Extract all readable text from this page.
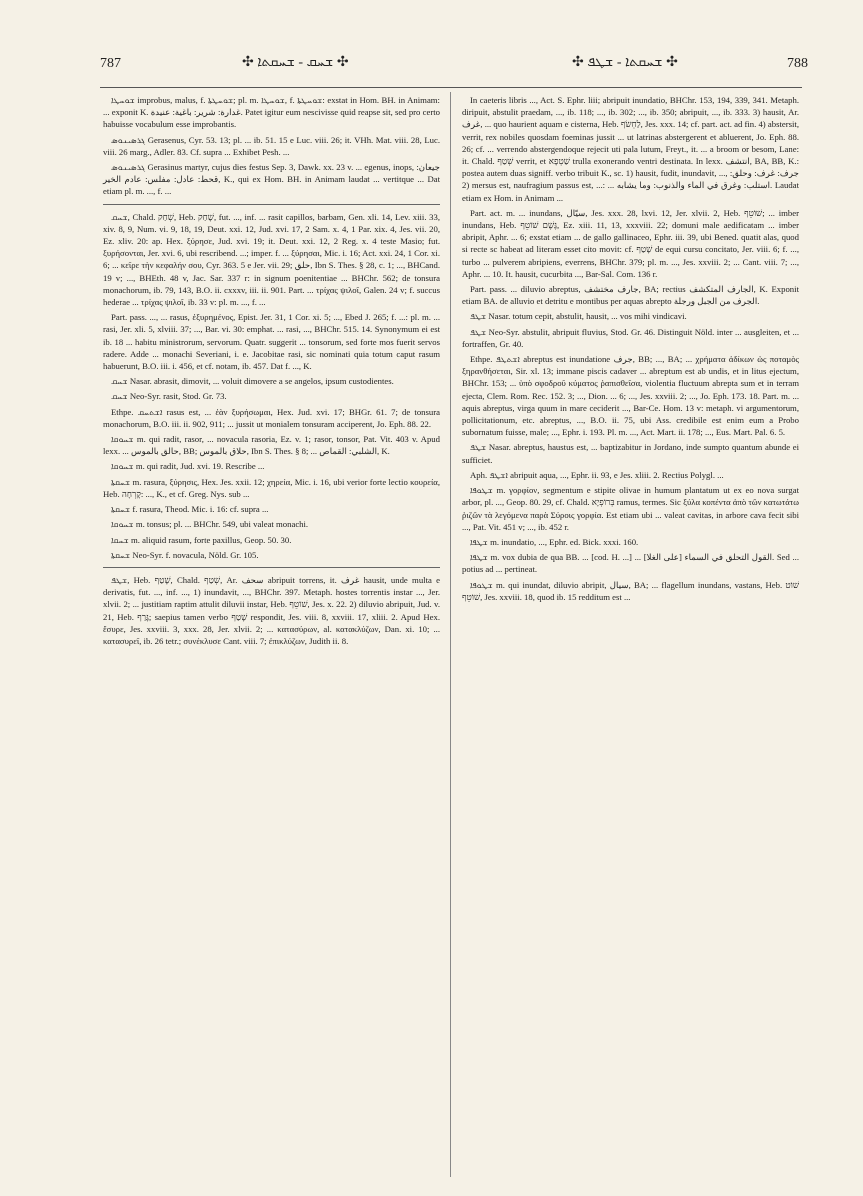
787	✣ ܫܚܩ - ܫܚܩܬܐ ✣	✣ ܫܚܩܬܐ - ܫܛܦ ✣	788

ܫܘܚܛܐ improbus, malus, f. ܫܘܚܛܬܐ; pl. m. ܫܘܚܛܐ, f. ܫܘܚܛܬܐ: exstat in Hom. BH. in Animam: ... exponit K. غدارة: شرير: باغية: عنيدة. Patet igitur eum nescivisse quid reapse sit, sed pro certo habuisse vocabulum esse improbantis.

ܓܪܣܝܢܘܣ Gerasenus, Cyr. 53. 13; pl. ... ib. 51. 15 e Luc. viii. 26; it. VHh. Mat. viii. 28, Luc. viii. 26 marg., Adler. 83. Cf. supra ... Exhibet Pesh. ...

ܓܪܣܝܢܘܣ Gerasinus martyr, cujus dies festus Sep. 3, Dawk. xx. 23 v. ... egenus, inops, جيعان: قحط: عادل: مفلس: عادم الخير, K., qui ex Hom. BH. in Animam laudat ... vertitque ... Dat etiam pl. m. ..., f. ...

ܫܚܩ, Chald. שְׁחַק, Heb. שָׁחַק, fut. ..., inf. ... rasit capillos, barbam, Gen. xli. 14, Lev. xiii. 33, xiv. 8, 9, Num. vi. 9, 18, 19, Deut. xxi. 12, Jud. xvi. 17, 2 Sam. x. 4, 1 Par. xix. 4, Jes. vii. 20, Ez. xliv. 20: ap. Hex. ξύρησε, Jud. xvi. 19; it. Deut. xxi. 12, 2 Reg. x. 4 teste Masio; fut. ξυρήσονται, Jer. xvi. 6, ubi rescribend. ...; imper. f. ... ξύρησαι, Mic. i. 16; Act. xxi. 24, 1 Cor. xi. 6; ... κεῖρε τὴν κεφαλήν σου, Cyr. 363. 5 e Jer. vii. 29; حلق, Ibn S. Thes. § 28, c. 1; ..., BHCand. 19 v; ..., BHEth. 48 v, Jac. Sar. 337 r: in signum poenitentiae ... BHChr. 562; de tonsura monachorum, ib. 79, 143, B.O. ii. cxxxv, iii. ii. 901. Part. ... τρίχας ψιλοῖ, Galen. 24 v; f. succus hederae ... τρίχας ψιλοῖ, ib. 33 v: pl. m. ..., f. ...

Part. pass. ..., ... rasus, ἐξυρημένος, Epist. Jer. 31, 1 Cor. xi. 5; ..., Ebed J. 265; f. ...: pl. m. ... rasi, Jer. xli. 5, xlviii. 37; ..., Bar. vi. 30: emphat. ... rasi, ..., BHChr. 515. 14. Synonymum ei est ib. 18 ... habitu ministrorum, servorum. Quatr. suggerit ... tonsorum, sed forte mos fuerit servos radere. Adde ... monachi Severiani, i. e. Jacobitae rasi, sic nominati quia totum caput rasum habuerunt, B.O. iii. i. 456, et cf. notam, ib. 457. Dat f. ..., K.

ܫܚܩ Nasar. abrasit, dimovit, ... voluit dimovere a se angelos, ipsum custodientes.

ܫܚܩ Neo-Syr. rasit, Stod. Gr. 73.

Ethpe. ܐܫܬܚܩ rasus est, ... ἐὰν ξυρήσωμαι, Hex. Jud. xvi. 17; BHGr. 61. 7; de tonsura monachorum, B.O. iii. ii. 902, 911; ... jussit ut monialem tonsuram acciperent, Jo. Eph. 88. 22.

ܫܚܘܩܐ m. qui radit, rasor, ... novacula rasoria, Ez. v. 1; rasor, tonsor, Pat. Vit. 403 v. Apud lexx. ... حالق بالموس, BB; حلاق بالموس, Ibn S. Thes. § 8; ... الشلبي: القماص, K.

ܫܚܘܩܐ m. qui radit, Jud. xvi. 19. Rescribe ...

ܫܚܩܬܐ m. rasura, ξύρησις, Hex. Jes. xxii. 12; χηρεία, Mic. i. 16, ubi verior forte lectio κουρεία, Heb. קָרְחָה: ..., K., et cf. Greg. Nys. sub ...

ܫܚܩܬܐ f. rasura, Theod. Mic. i. 16: cf. supra ...

ܫܚܘܩܐ m. tonsus; pl. ... BHChr. 549, ubi valeat monachi.

ܫܚܩܐ m. aliquid rasum, forte paxillus, Geop. 50. 30.

ܫܚܩܬܐ Neo-Syr. f. novacula, Nöld. Gr. 105.

ܫܛܦ, Heb. שָׁטַף, Chald. שְׁטַף, Ar. سحف abripuit torrens, it. غرف hausit, unde multa e derivatis, fut. ..., inf. ..., 1) inundavit, ..., BHChr. 397. Metaph. hostes torrentis instar ..., Jer. xlvii. 2; ... justitiam raptim attulit diluvii instar, Heb. שׁוֹטֵף, Jes. x. 22. 2) diluvio abripuit, Jud. v. 21, Heb. גָּרַף; saepius tamen verbo שָׁטַף respondit, Jes. viii. 8, xxviii. 17, xliii. 2. Apud Hex. ἔσυρε, Jes. xxviii. 3, xxx. 28, Jer. xlvii. 2; ... κατασύρων, al. κατακλύζων, Dan. xi. 10; ... κατασυρεῖ, ib. 26 tetr.; συνέκλυσε Cant. viii. 7; ἐπικλύζων, Judith ii. 8.

In caeteris libris ..., Act. S. Ephr. liii; abripuit inundatio, BHChr. 153, 194, 339, 341. Metaph. diripuit, abstulit praedam, ..., ib. 118; ..., ib. 302; ..., ib. 350; abripuit, ..., ib. 333. 3) hausit, Ar. غرف, ... quo haurient aquam e cisterna, Heb. לַחְשֹׂף, Jes. xxx. 14; cf. part. act. ad fin. 4) abstersit, verrit, rex nobiles quosdam foeminas jussit ... ut latrinas abstergerent et abluerent, Jo. Eph. 88. 26; cf. ... verrendo abstergendoque rejecit uti pala lutum, Freyt., it. ... a broom or besom, Lane: it. Chald. שְׁטַף verrit, et שַׁטְפָא trulla exonerando ventri destinata. In lexx. انتشف, BA, BB, K.: postea autem duas signiff. verbo tribuit K., sc. 1) hausit, fudit, inundavit, ..., جرف: غرف: وحلق: 2) mersus est, naufragium passus est, ...: ... استلب: وغرق في الماء والذنوب: وما يشابه. Laudat etiam ex Hom. in Animam ...

Part. act. m. ... inundans, سيّال, Jes. xxx. 28, lxvi. 12, Jer. xlvii. 2, Heb. שׁוֹטֵף; ... imber inundans, Heb. גֶּשֶׁם שׁוֹטֵף, Ez. xiii. 11, 13, xxxviii. 22; domuni male aedificatam ... imber abripit, Aphr. ... 6; exstat etiam ... de gallo gallinaceo, Ephr. iii. 39, ubi Bened. quatit alas, quod si recte sc habeat ad literam esset cito movit: cf. שָׁטַף de equi cursu concitato, Jer. viii. 6; f. ..., turbo ... pulverem abripiens, everrens, BHChr. 379; pl. m. ..., Jes. xxviii. 2; ... Cant. viii. 7; ..., Aphr. ... 10. It. hausit, cucurbita ..., Bar-Sal. Com. 136 r.

Part. pass. ... diluvio abreptus, جارف مختشف, BA; rectius الجارف المتكشف, K. Exponit etiam BA. de alluvio et detritu e montibus per aquas abrepto الجرف من الجبل ورجلة.

ܫܛܦ Nasar. totum cepit, abstulit, hausit, ... vos mihi vindicavi.

ܫܛܦ Neo-Syr. abstulit, abripuit fluvius, Stod. Gr. 46. Distinguit Nöld. inter ... ausgleiten, et ... fortraffen, Gr. 40.

Ethpe. ܐܫܬܛܦ abreptus est inundatione جرف, BB; ..., BA; ... χρήματα ἀδίκων ὡς ποταμὸς ξηρανθήσεται, Sir. xl. 13; immane piscis cadaver ... abreptum est ab undis, et in litus ejectum, BHChr. 153; ... ὑπὸ σφοδροῦ κύματος ῥαπισθεῖσα, violentia fluctuum abrepta sum et in terram ejecta, Clem. Rom. Rec. 152. 3; ..., Dion. ... 6; ..., Jes. xxviii. 2; ..., Jo. Eph. 173. 18. Part. m. ... aquis abreptus, virga quum in mare ceciderit ..., Bar-Ce. Hom. 13 v: metaph. vi argumentorum, pollicitationum, etc. abreptus, ..., B.O. ii. 75, ubi Ass. credibile est enim eum a Probo subornatum fuisse, male; ..., Ephr. i. 193. Pl. m. ..., Act. Mart. ii. 178; ..., Eus. Mart. Pal. 6. 5.

ܫܛܦ Nasar. abreptus, haustus est, ... baptizabitur in Jordano, inde sumpto quantum abunde ei sufficiet.

Aph. ܐܫܛܦ abripuit aqua, ..., Ephr. ii. 93, e Jes. xliii. 2. Rectius Polygl. ...

ܫܛܘܦܐ m. γορφίον, segmentum e stipite olivae in humum plantatum ut ex eo nova surgat arbor, pl. ..., Geop. 80. 29, cf. Chald. בְּרוֹפְיָא ramus, termes. Sic ξύλα κοπέντα ἀπὸ τῶν κατωτάτω ῥιζῶν τὰ λεγόμενα παρὰ Σύροις γορφία. Est etiam ubi ... valeat cavitas, in arbore cava fecit sibi ..., Pat. Vit. 451 v; ..., ib. 452 r.

ܫܛܦܐ m. inundatio, ..., Ephr. ed. Bick. xxxi. 160.

ܫܛܦܐ m. vox dubia de qua BB. ... [cod. H. ...] ... القول التحلق في السماء [على الغلا]. Sed ... potius ad ... pertineat.

ܫܛܘܦܐ m. qui inundat, diluvio abripit, سيال, BA; ... flagellum inundans, vastans, Heb. שׁוֹט שׁוֹטֵף, Jes. xxviii. 18, quod ib. 15 redditum est ...
